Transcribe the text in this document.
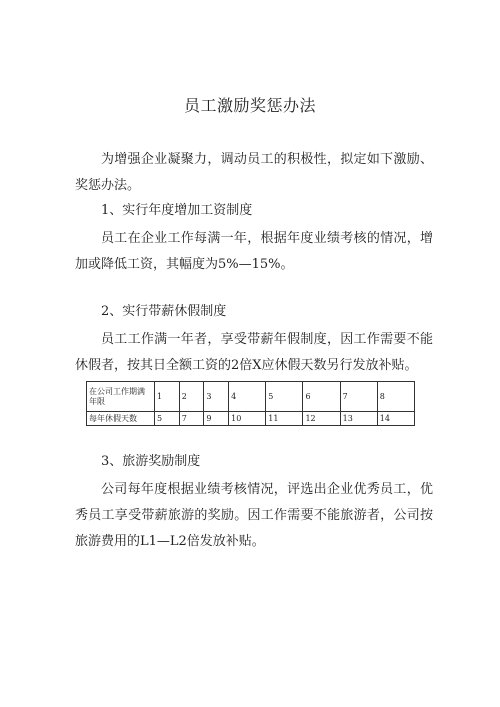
员工激励奖惩办法

为增强企业凝聚力，调动员工的积极性，拟定如下激励、奖惩办法。

1、实行年度增加工资制度

员工在企业工作每满一年，根据年度业绩考核的情况，增加或降低工资，其幅度为5%—15%。

2、实行带薪休假制度

员工工作满一年者，享受带薪年假制度，因工作需要不能休假者，按其日全额工资的2倍X应休假天数另行发放补贴。

在公司工作期满年限	1	2	3	4	5	6	7	8
每年休假天数	5	7	9	10	11	12	13	14

3、旅游奖励制度

公司每年度根据业绩考核情况，评选出企业优秀员工，优秀员工享受带薪旅游的奖励。因工作需要不能旅游者，公司按旅游费用的L1—L2倍发放补贴。
